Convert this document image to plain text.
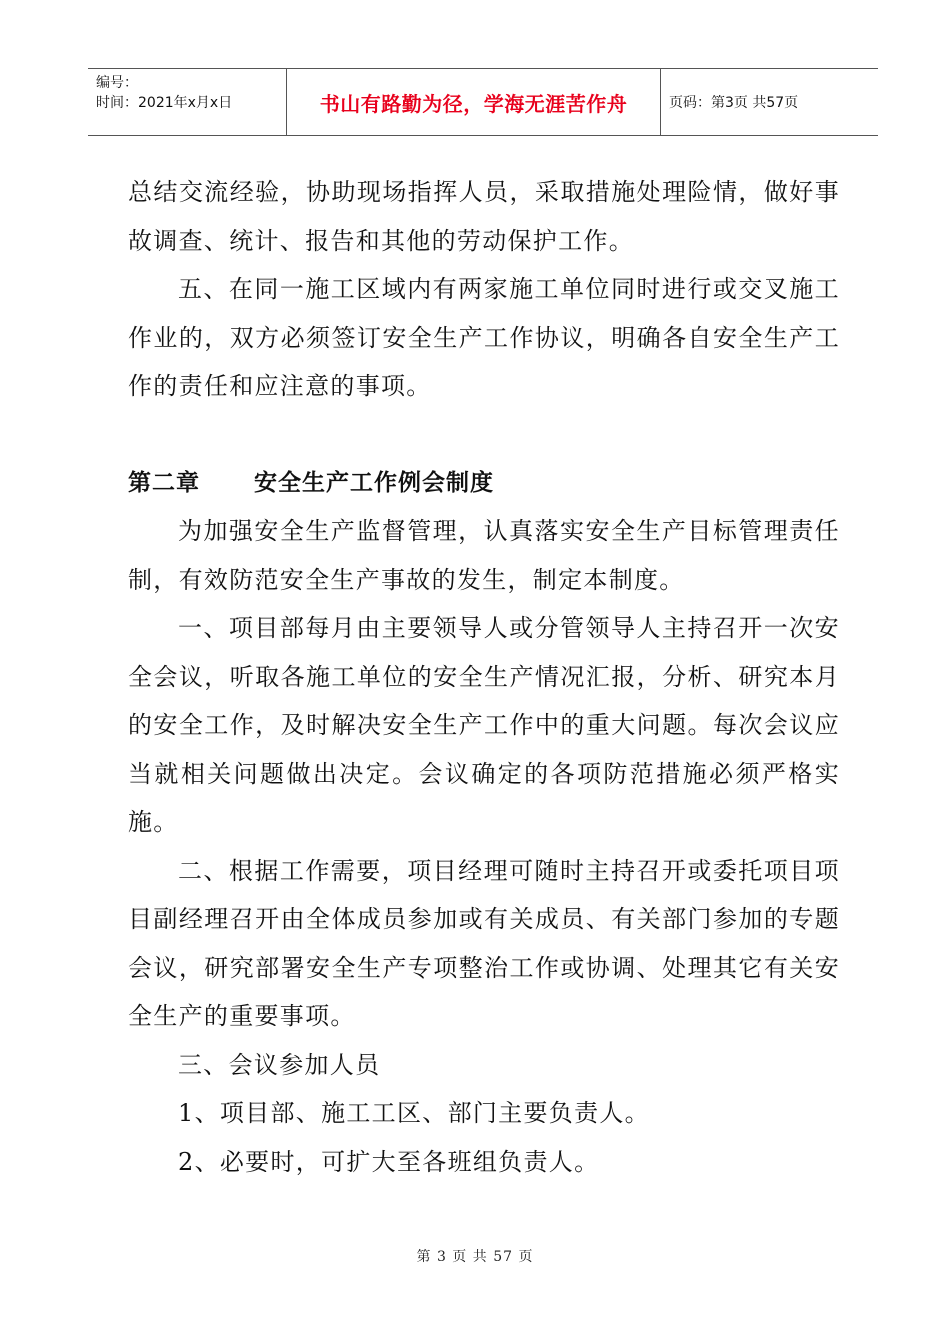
编号：
时间：2021年x月x日	书山有路勤为径，学海无涯苦作舟	页码：第3页 共57页

总结交流经验，协助现场指挥人员，采取措施处理险情，做好事故调查、统计、报告和其他的劳动保护工作。

五、在同一施工区域内有两家施工单位同时进行或交叉施工作业的，双方必须签订安全生产工作协议，明确各自安全生产工作的责任和应注意的事项。

第二章      安全生产工作例会制度

为加强安全生产监督管理，认真落实安全生产目标管理责任制，有效防范安全生产事故的发生，制定本制度。

一、项目部每月由主要领导人或分管领导人主持召开一次安全会议，听取各施工单位的安全生产情况汇报，分析、研究本月的安全工作，及时解决安全生产工作中的重大问题。每次会议应当就相关问题做出决定。会议确定的各项防范措施必须严格实施。

二、根据工作需要，项目经理可随时主持召开或委托项目项目副经理召开由全体成员参加或有关成员、有关部门参加的专题会议，研究部署安全生产专项整治工作或协调、处理其它有关安全生产的重要事项。

三、会议参加人员

1、项目部、施工工区、部门主要负责人。

2、必要时，可扩大至各班组负责人。

第 3 页 共 57 页
